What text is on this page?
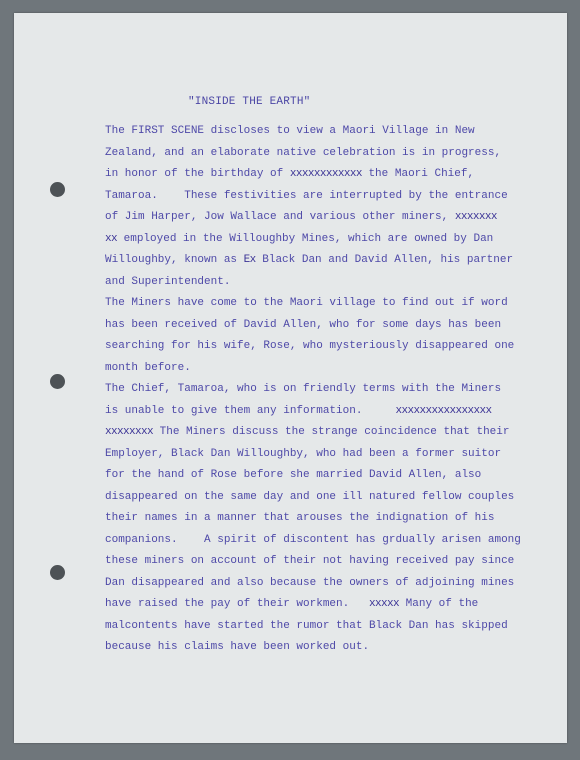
"INSIDE THE EARTH"
The FIRST SCENE discloses to view a Maori Village in New
Zealand, and an elaborate native celebration is in progress,
in honor of the birthday of xxxxxxxxxxxx the Maori Chief,
Tamaroa.    These festivities are interrupted by the entrance
of Jim Harper, Jow Wallace and various other miners, xxxxxxx
xx employed in the Willoughby Mines, which are owned by Dan
Willoughby, known as Ex Black Dan and David Allen, his partner
and Superintendent.
The Miners have come to the Maori village to find out if word
has been received of David Allen, who for some days has been
searching for his wife, Rose, who mysteriously disappeared one
month before.
The Chief, Tamaroa, who is on friendly terms with the Miners
is unable to give them any information.     xxxxxxxxxxxxxxxx
xxxxxxxx The Miners discuss the strange coincidence that their
Employer, Black Dan Willoughby, who had been a former suitor
for the hand of Rose before she married David Allen, also
disappeared on the same day and one ill natured fellow couples
their names in a manner that arouses the indignation of his
companions.    A spirit of discontent has grdually arisen among
these miners on account of their not having received pay since
Dan disappeared and also because the owners of adjoining mines
have raised the pay of their workmen.   xxxxx Many of the
malcontents have started the rumor that Black Dan has skipped
because his claims have been worked out.
